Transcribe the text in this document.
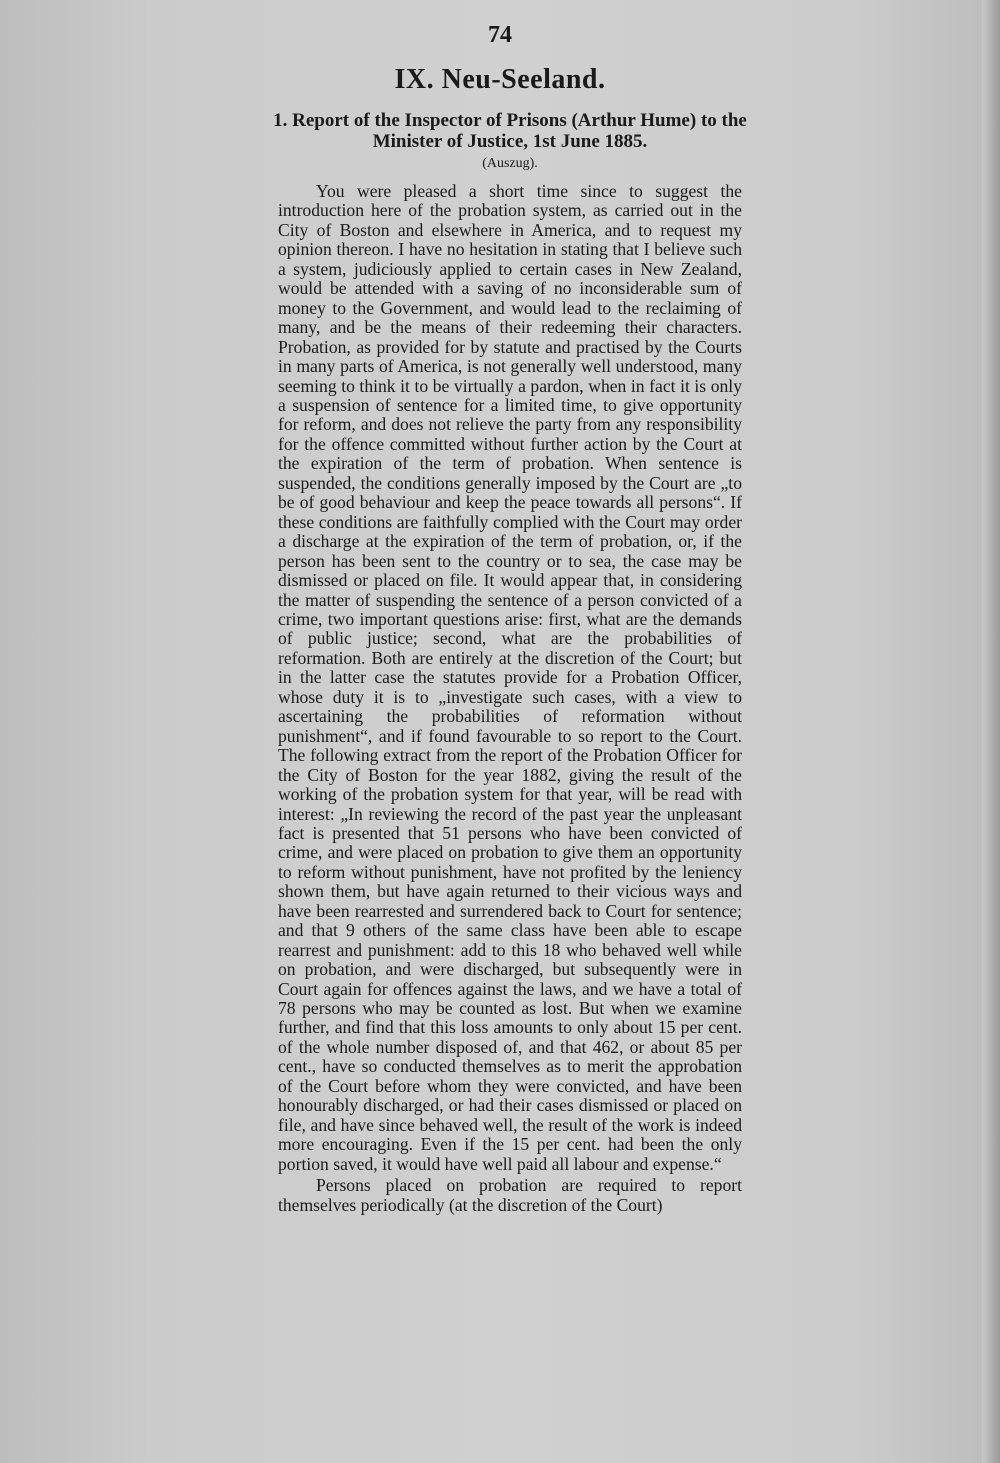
74
IX. Neu-Seeland.
1. Report of the Inspector of Prisons (Arthur Hume) to the Minister of Justice, 1st June 1885.
(Auszug).

You were pleased a short time since to suggest the introduction here of the probation system, as carried out in the City of Boston and elsewhere in America, and to request my opinion thereon. I have no hesitation in stating that I believe such a system, judiciously applied to certain cases in New Zealand, would be attended with a saving of no inconsiderable sum of money to the Government, and would lead to the reclaiming of many, and be the means of their redeeming their characters. Probation, as provided for by statute and practised by the Courts in many parts of America, is not generally well understood, many seeming to think it to be virtually a pardon, when in fact it is only a suspension of sentence for a limited time, to give opportunity for reform, and does not relieve the party from any responsibility for the offence committed without further action by the Court at the expiration of the term of probation. When sentence is suspended, the conditions generally imposed by the Court are „to be of good behaviour and keep the peace towards all persons“. If these conditions are faithfully complied with the Court may order a discharge at the expiration of the term of probation, or, if the person has been sent to the country or to sea, the case may be dismissed or placed on file. It would appear that, in considering the matter of suspending the sentence of a person convicted of a crime, two important questions arise: first, what are the demands of public justice; second, what are the probabilities of reformation. Both are entirely at the discretion of the Court; but in the latter case the statutes provide for a Probation Officer, whose duty it is to „investigate such cases, with a view to ascertaining the probabilities of reformation without punishment“, and if found favourable to so report to the Court. The following extract from the report of the Probation Officer for the City of Boston for the year 1882, giving the result of the working of the probation system for that year, will be read with interest: „In reviewing the record of the past year the unpleasant fact is presented that 51 persons who have been convicted of crime, and were placed on probation to give them an opportunity to reform without punishment, have not profited by the leniency shown them, but have again returned to their vicious ways and have been rearrested and surrendered back to Court for sentence; and that 9 others of the same class have been able to escape rearrest and punishment: add to this 18 who behaved well while on probation, and were discharged, but subsequently were in Court again for offences against the laws, and we have a total of 78 persons who may be counted as lost. But when we examine further, and find that this loss amounts to only about 15 per cent. of the whole number disposed of, and that 462, or about 85 per cent., have so conducted themselves as to merit the approbation of the Court before whom they were convicted, and have been honourably discharged, or had their cases dismissed or placed on file, and have since behaved well, the result of the work is indeed more encouraging. Even if the 15 per cent. had been the only portion saved, it would have well paid all labour and expense.“

Persons placed on probation are required to report themselves periodically (at the discretion of the Court)
